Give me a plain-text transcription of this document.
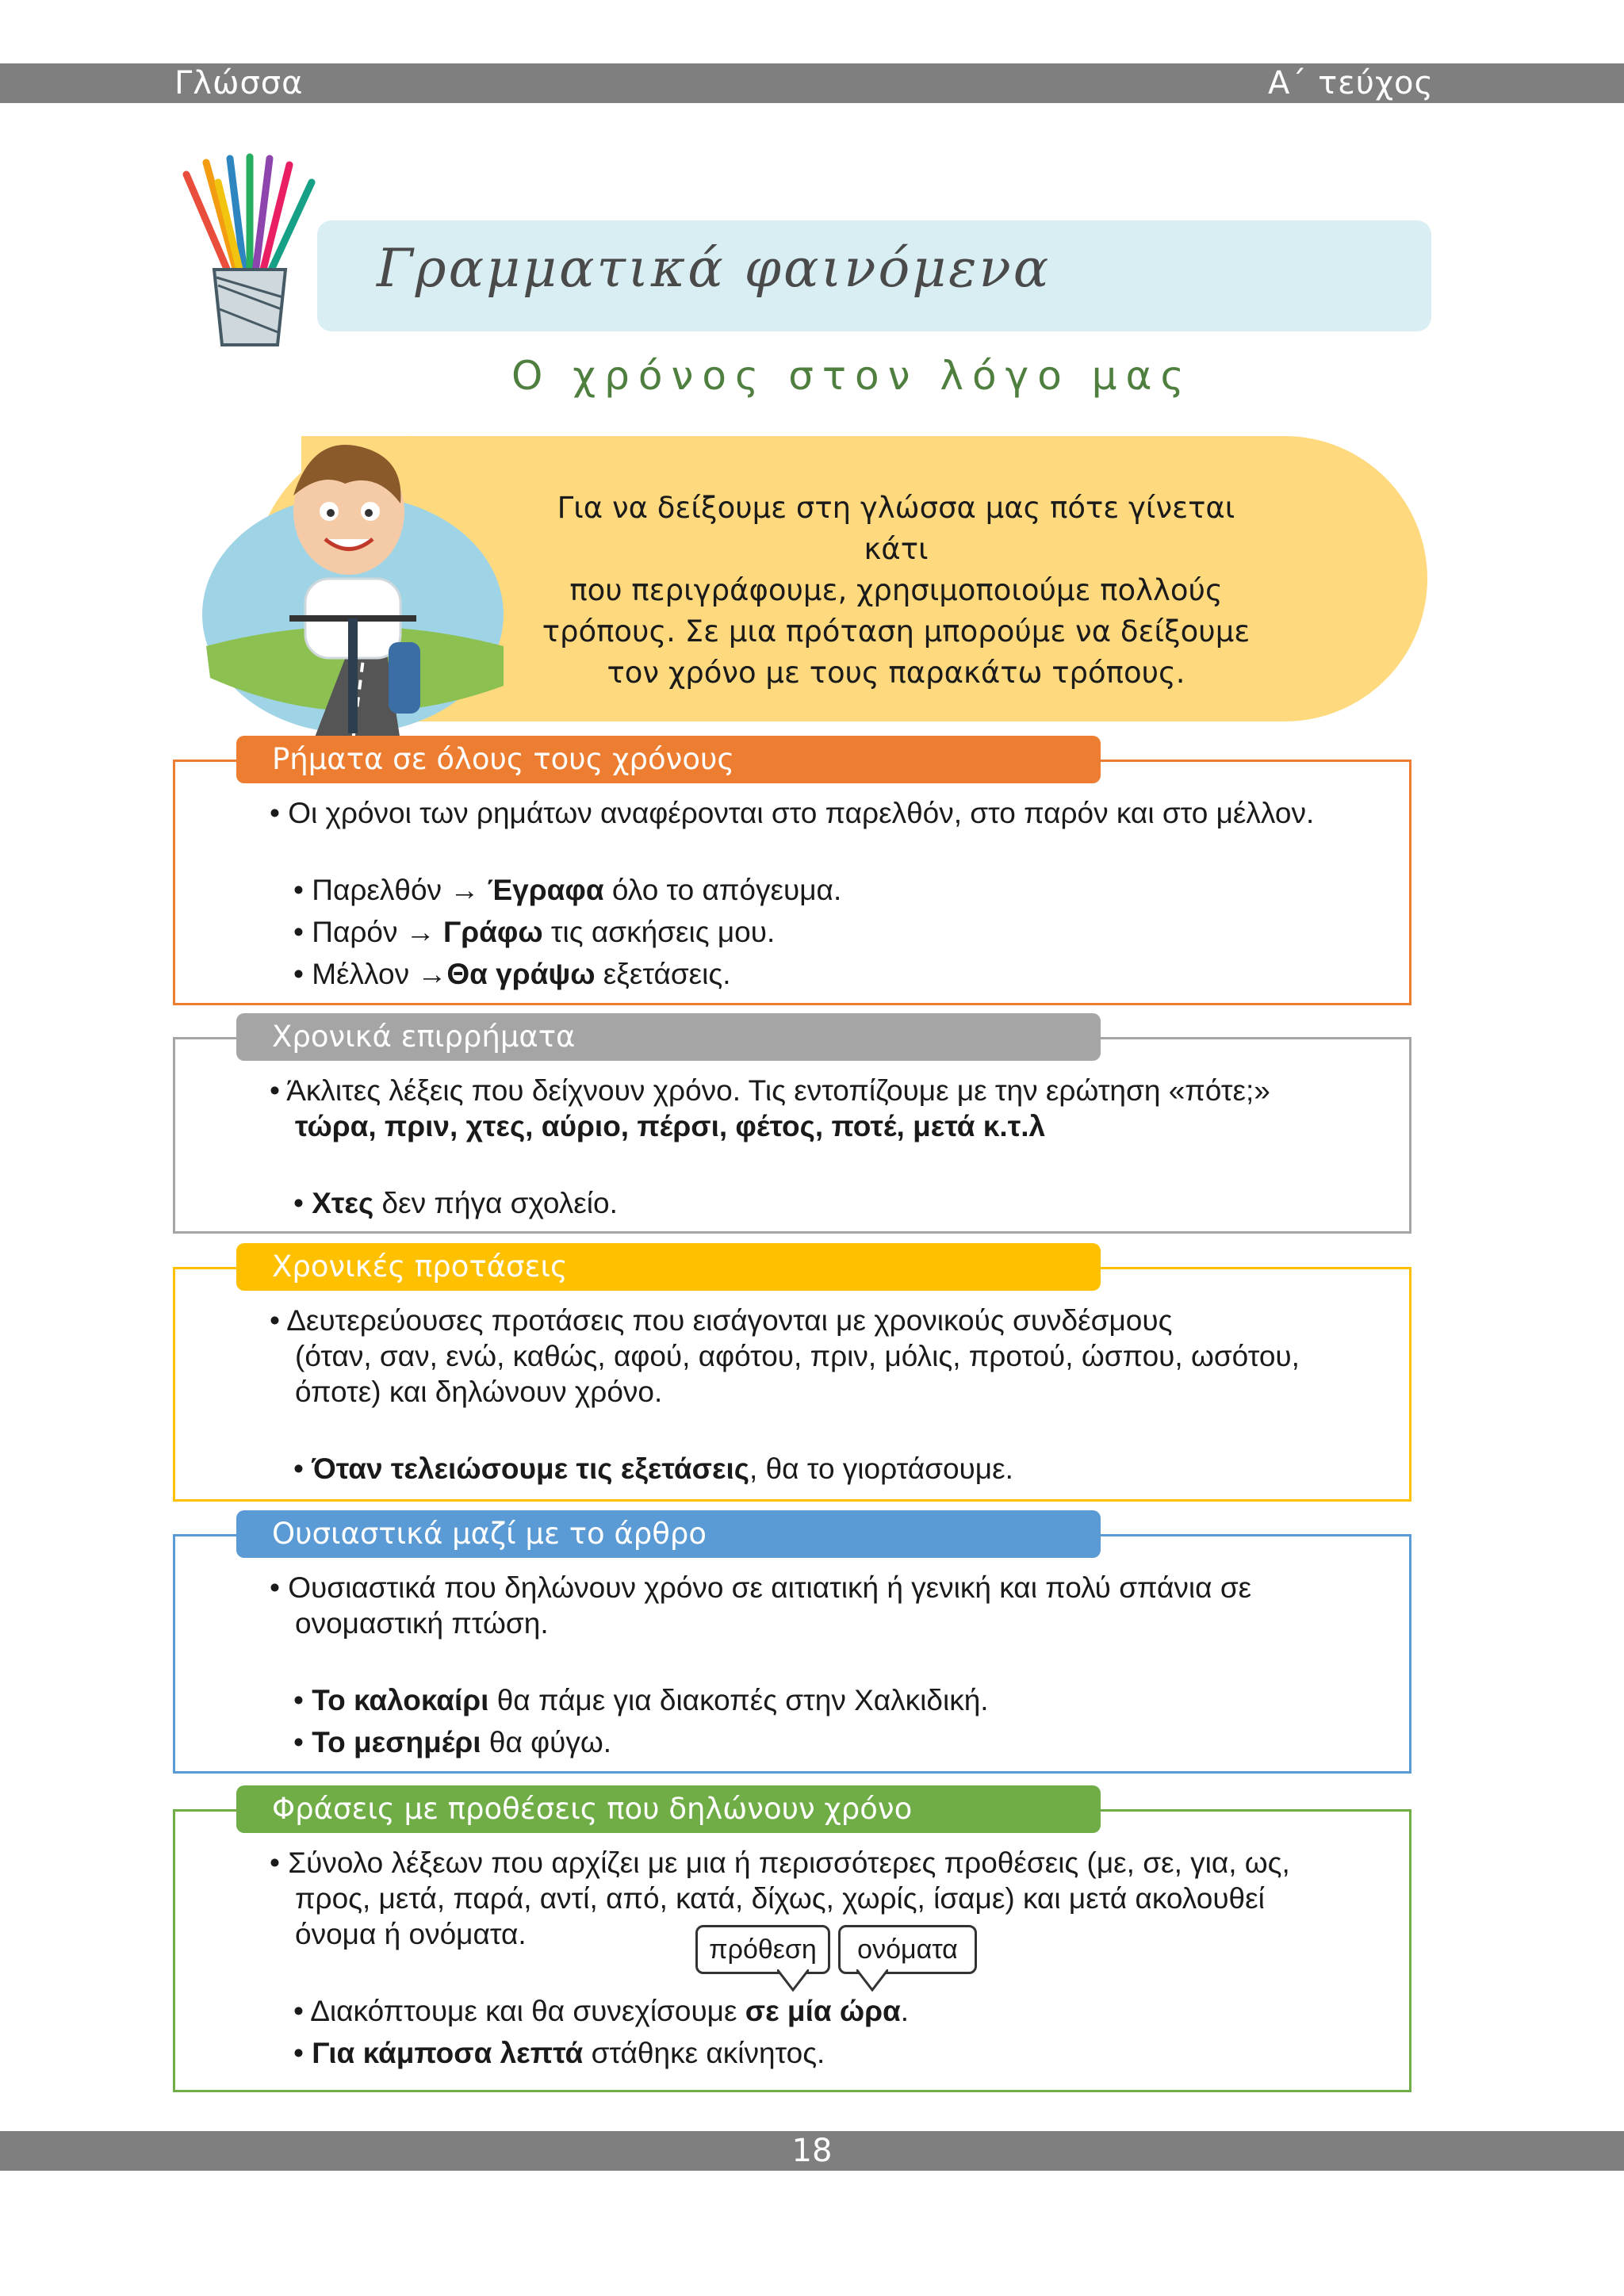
Γλώσσα	Α΄ τεύχος
Γραμματικά φαινόμενα
Ο χρόνος στον λόγο μας
Για να δείξουμε στη γλώσσα μας πότε γίνεται κάτι
που περιγράφουμε, χρησιμοποιούμε πολλούς
τρόπους. Σε μια πρόταση μπορούμε να δείξουμε
τον χρόνο με τους παρακάτω τρόπους.
Ρήματα σε όλους τους χρόνους

• Οι χρόνοι των ρημάτων αναφέρονται στο παρελθόν, στο παρόν και στο μέλλον.

• Παρελθόν → Έγραφα όλο το απόγευμα.

• Παρόν → Γράφω τις ασκήσεις μου.

• Μέλλον →Θα γράψω εξετάσεις.

Χρονικά επιρρήματα

• Άκλιτες λέξεις που δείχνουν χρόνο. Τις εντοπίζουμε με την ερώτηση «πότε;»

τώρα, πριν, χτες, αύριο, πέρσι, φέτος, ποτέ, μετά κ.τ.λ

• Χτες δεν πήγα σχολείο.

Χρονικές προτάσεις

• Δευτερεύουσες προτάσεις που εισάγονται με χρονικούς συνδέσμους

(όταν, σαν, ενώ, καθώς, αφού, αφότου, πριν, μόλις, προτού, ώσπου, ωσότου,

όποτε) και δηλώνουν χρόνο.

• Όταν τελειώσουμε τις εξετάσεις, θα το γιορτάσουμε.

Ουσιαστικά μαζί με το άρθρο

• Ουσιαστικά που δηλώνουν χρόνο σε αιτιατική ή γενική και πολύ σπάνια σε

ονομαστική πτώση.

• Το καλοκαίρι θα πάμε για διακοπές στην Χαλκιδική.

• Το μεσημέρι θα φύγω.

Φράσεις με προθέσεις που δηλώνουν χρόνο

• Σύνολο λέξεων που αρχίζει με μια ή περισσότερες προθέσεις (με, σε, για, ως,

προς, μετά, παρά, αντί, από, κατά, δίχως, χωρίς, ίσαμε) και μετά ακολουθεί

όνομα ή ονόματα.

• Διακόπτουμε και θα συνεχίσουμε σε μία ώρα.

• Για κάμποσα λεπτά στάθηκε ακίνητος.

πρόθεση	ονόματα
18
